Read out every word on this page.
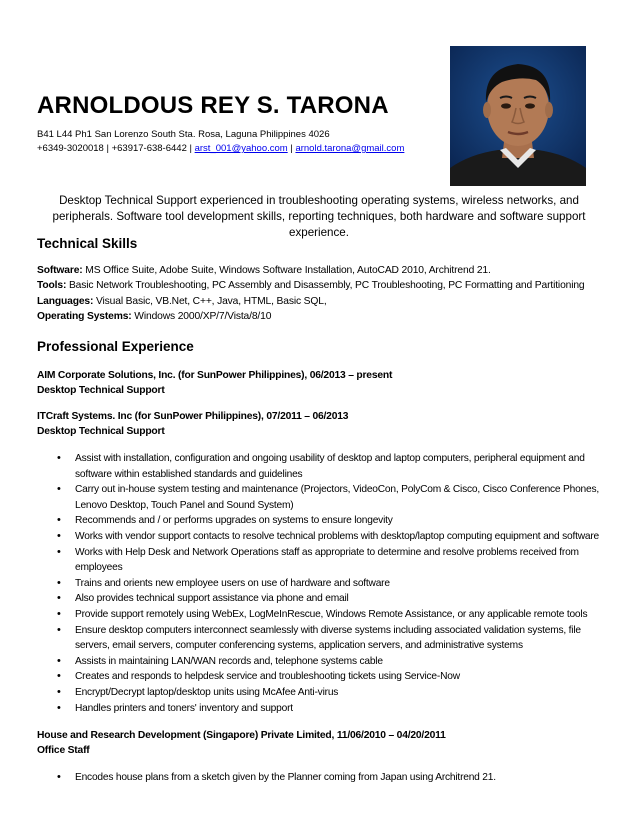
ARNOLDOUS REY S. TARONA
B41 L44 Ph1 San Lorenzo South Sta. Rosa, Laguna Philippines 4026
+6349-3020018 | +63917-638-6442 | arst_001@yahoo.com | arnold.tarona@gmail.com
Desktop Technical Support experienced in troubleshooting operating systems, wireless networks, and peripherals. Software tool development skills, reporting techniques, both hardware and software support experience.
Technical Skills
Software: MS Office Suite, Adobe Suite, Windows Software Installation, AutoCAD 2010, Architrend 21.
Tools: Basic Network Troubleshooting, PC Assembly and Disassembly, PC Troubleshooting, PC Formatting and Partitioning
Languages: Visual Basic, VB.Net, C++, Java, HTML, Basic SQL,
Operating Systems: Windows 2000/XP/7/Vista/8/10
Professional Experience
AIM Corporate Solutions, Inc. (for SunPower Philippines), 06/2013 – present
Desktop Technical Support
ITCraft Systems. Inc (for SunPower Philippines), 07/2011 – 06/2013
Desktop Technical Support
• Assist with installation, configuration and ongoing usability of desktop and laptop computers, peripheral equipment and software within established standards and guidelines
• Carry out in-house system testing and maintenance (Projectors, VideoCon, PolyCom & Cisco, Cisco Conference Phones, Lenovo Desktop, Touch Panel and Sound System)
• Recommends and / or performs upgrades on systems to ensure longevity
• Works with vendor support contacts to resolve technical problems with desktop/laptop computing equipment and software
• Works with Help Desk and Network Operations staff as appropriate to determine and resolve problems received from employees
• Trains and orients new employee users on use of hardware and software
• Also provides technical support assistance via phone and email
• Provide support remotely using WebEx, LogMeInRescue, Windows Remote Assistance, or any applicable remote tools
• Ensure desktop computers interconnect seamlessly with diverse systems including associated validation systems, file servers, email servers, computer conferencing systems, application servers, and administrative systems
• Assists in maintaining LAN/WAN records and, telephone systems cable
• Creates and responds to helpdesk service and troubleshooting tickets using Service-Now
• Encrypt/Decrypt laptop/desktop units using McAfee Anti-virus
• Handles printers and toners' inventory and support
House and Research Development (Singapore) Private Limited, 11/06/2010 – 04/20/2011
Office Staff
• Encodes house plans from a sketch given by the Planner coming from Japan using Architrend 21.
